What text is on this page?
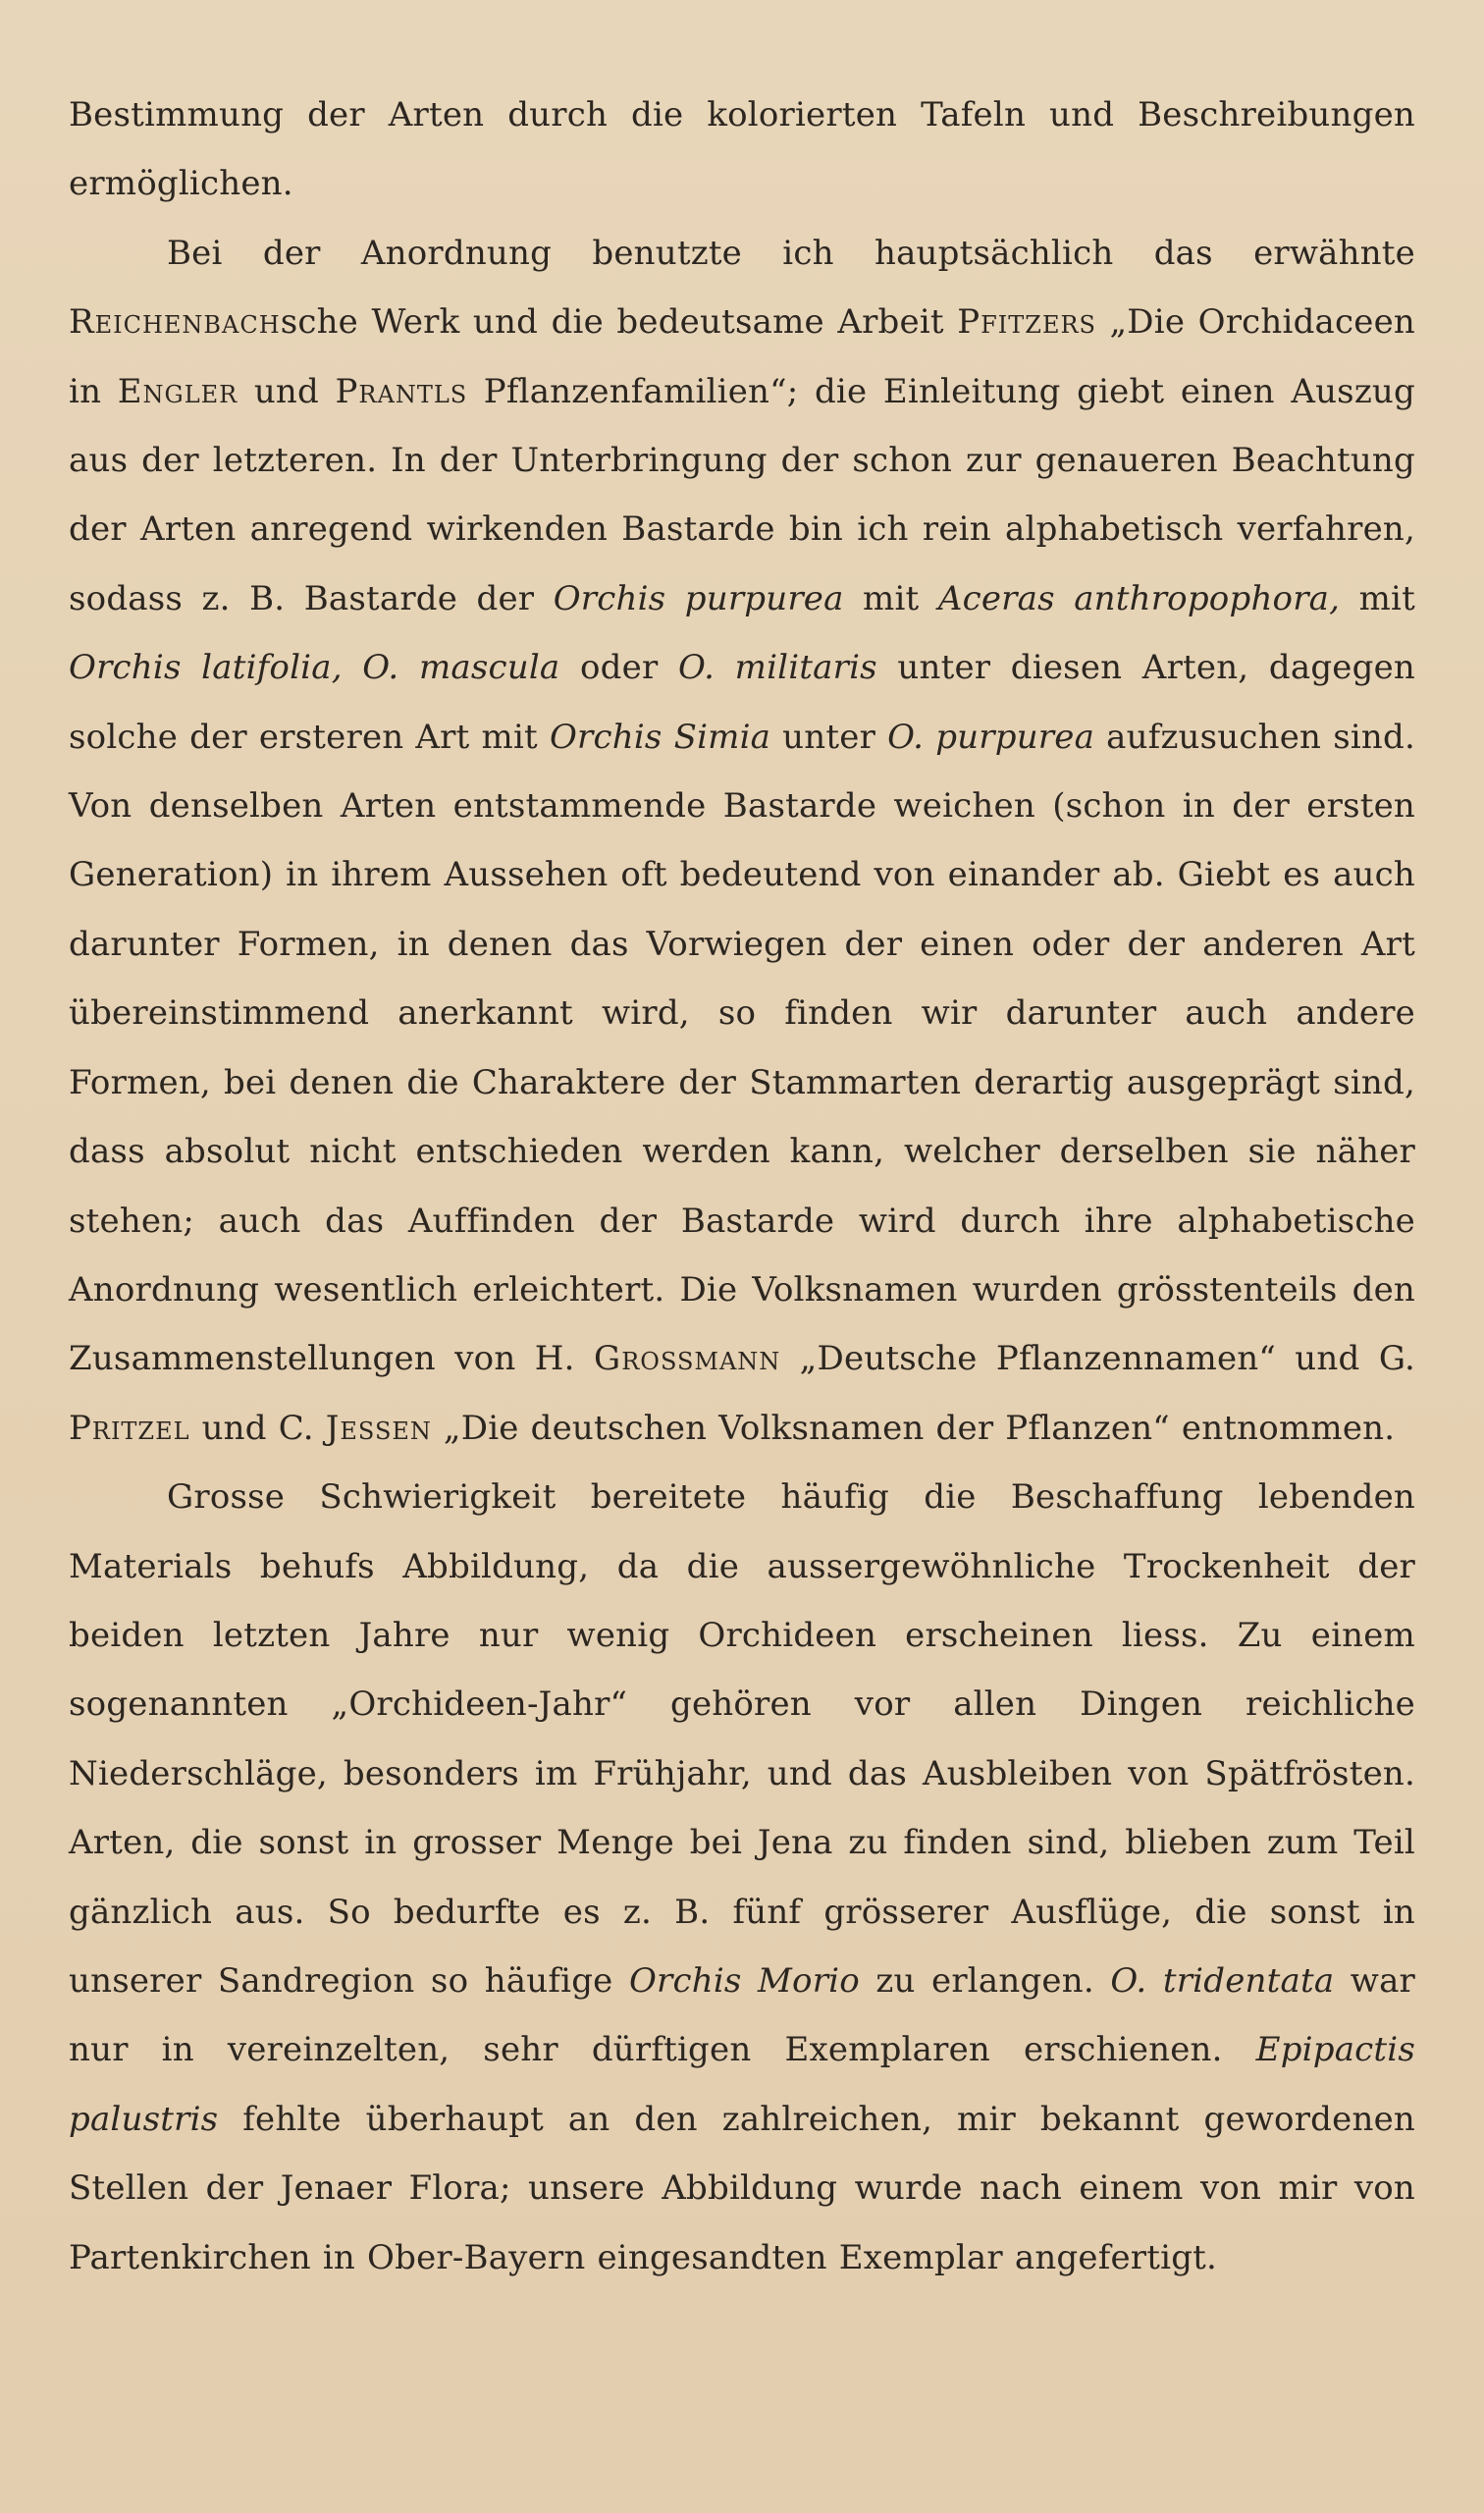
Bestimmung der Arten durch die kolorierten Tafeln und Beschreibungen ermöglichen.

Bei der Anordnung benutzte ich hauptsächlich das erwähnte Reichenbachsche Werk und die bedeutsame Arbeit Pfitzers „Die Orchidaceen in Engler und Prantls Pflanzenfamilien“; die Einleitung giebt einen Auszug aus der letzteren. In der Unterbringung der schon zur genaueren Beachtung der Arten anregend wirkenden Bastarde bin ich rein alphabetisch verfahren, sodass z. B. Bastarde der Orchis purpurea mit Aceras anthropophora, mit Orchis latifolia, O. mascula oder O. militaris unter diesen Arten, dagegen solche der ersteren Art mit Orchis Simia unter O. purpurea aufzusuchen sind. Von denselben Arten entstammende Bastarde weichen (schon in der ersten Generation) in ihrem Aussehen oft bedeutend von einander ab. Giebt es auch darunter Formen, in denen das Vorwiegen der einen oder der anderen Art übereinstimmend anerkannt wird, so finden wir darunter auch andere Formen, bei denen die Charaktere der Stammarten derartig ausgeprägt sind, dass absolut nicht entschieden werden kann, welcher derselben sie näher stehen; auch das Auffinden der Bastarde wird durch ihre alphabetische Anordnung wesentlich erleichtert. Die Volksnamen wurden grösstenteils den Zusammenstellungen von H. Grossmann „Deutsche Pflanzennamen“ und G. Pritzel und C. Jessen „Die deutschen Volksnamen der Pflanzen“ entnommen.

Grosse Schwierigkeit bereitete häufig die Beschaffung lebenden Materials behufs Abbildung, da die aussergewöhnliche Trockenheit der beiden letzten Jahre nur wenig Orchideen erscheinen liess. Zu einem sogenannten „Orchideen-Jahr“ gehören vor allen Dingen reichliche Niederschläge, besonders im Frühjahr, und das Ausbleiben von Spätfrösten. Arten, die sonst in grosser Menge bei Jena zu finden sind, blieben zum Teil gänzlich aus. So bedurfte es z. B. fünf grösserer Ausflüge, die sonst in unserer Sandregion so häufige Orchis Morio zu erlangen. O. tridentata war nur in vereinzelten, sehr dürftigen Exemplaren erschienen. Epipactis palustris fehlte überhaupt an den zahlreichen, mir bekannt gewordenen Stellen der Jenaer Flora; unsere Abbildung wurde nach einem von mir von Partenkirchen in Ober-Bayern eingesandten Exemplar angefertigt.
